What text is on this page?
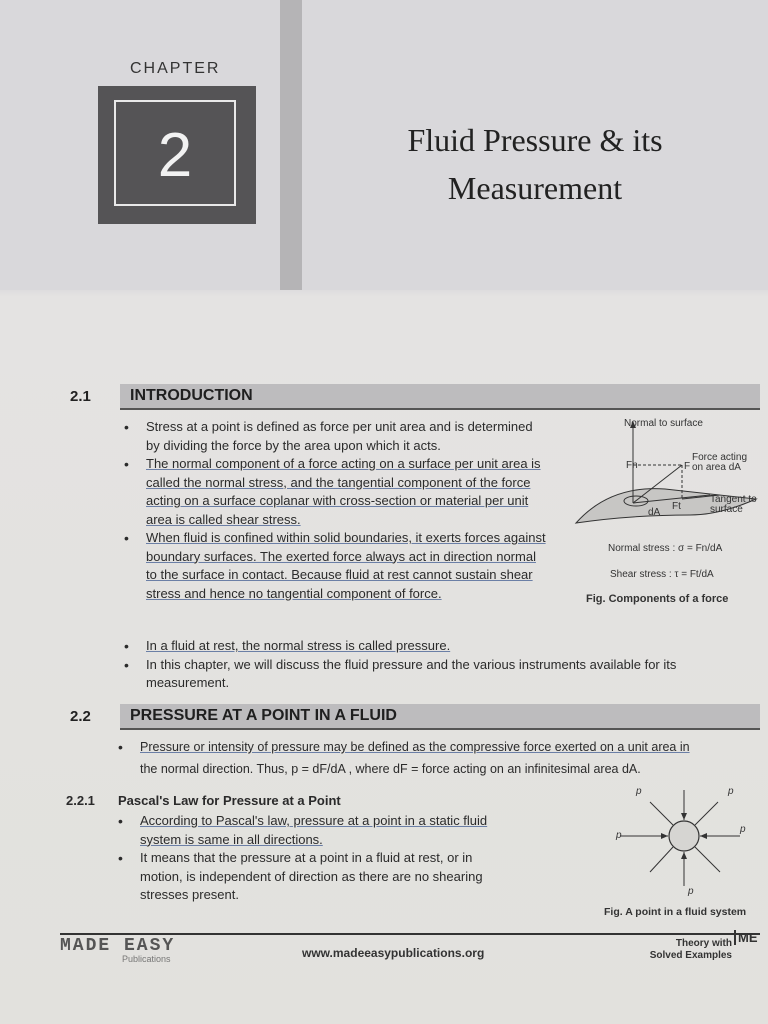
CHAPTER
2	Fluid Pressure & its
Measurement
2.1 INTRODUCTION
• Stress at a point is defined as force per unit area and is determined by dividing the force by the area upon which it acts.
• The normal component of a force acting on a surface per unit area is called the normal stress, and the tangential component of the force acting on a surface coplanar with cross-section or material per unit area is called shear stress.
• When fluid is confined within solid boundaries, it exerts forces against boundary surfaces. The exerted force always act in direction normal to the surface in contact. Because fluid at rest cannot sustain shear stress and hence no tangential component of force.
• In a fluid at rest, the normal stress is called pressure.
• In this chapter, we will discuss the fluid pressure and the various instruments available for its measurement.
Normal to surface
Force acting on area dA
Tangent to surface
Fn	F
Ft
dA
Normal stress : σ = Fn/dA
Shear stress : τ = Ft/dA
Fig. Components of a force
2.2 PRESSURE AT A POINT IN A FLUID
• Pressure or intensity of pressure may be defined as the compressive force exerted on a unit area in
the normal direction. Thus, p = dF/dA , where dF = force acting on an infinitesimal area dA.
2.2.1 Pascal's Law for Pressure at a Point
• According to Pascal's law, pressure at a point in a static fluid system is same in all directions.
• It means that the pressure at a point in a fluid at rest, or in motion, is independent of direction as there are no shearing stresses present.
p	p
p
p
p
Fig. A point in a fluid system
MADE EASY
Publications	www.madeeasypublications.org
Theory with
Solved Examples
ME
